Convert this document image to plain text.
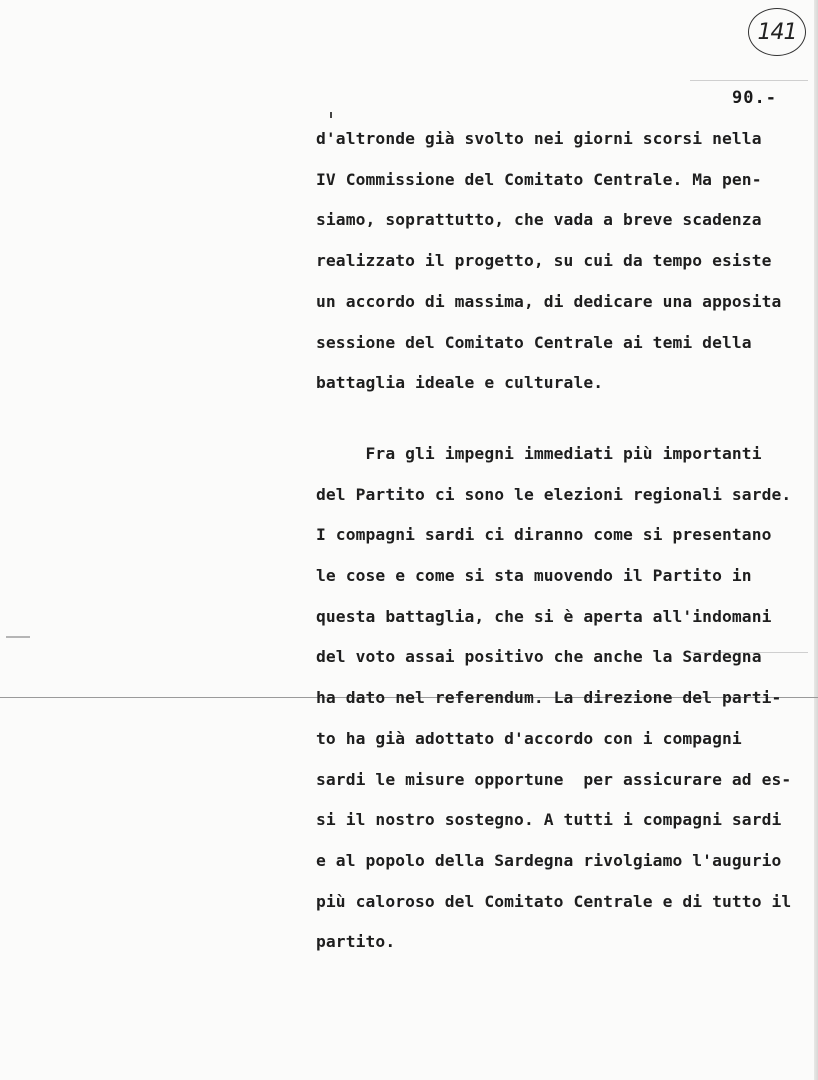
141
90.-
d'altronde già svolto nei giorni scorsi nella
IV Commissione del Comitato Centrale. Ma pen-
siamo, soprattutto, che vada a breve scadenza
realizzato il progetto, su cui da tempo esiste
un accordo di massima, di dedicare una apposita
sessione del Comitato Centrale ai temi della
battaglia ideale e culturale.
Fra gli impegni immediati più importanti
del Partito ci sono le elezioni regionali sarde.
I compagni sardi ci diranno come si presentano
le cose e come si sta muovendo il Partito in
questa battaglia, che si è aperta all'indomani
del voto assai positivo che anche la Sardegna
ha dato nel referendum. La direzione del parti-
to ha già adottato d'accordo con i compagni
sardi le misure opportune  per assicurare ad es-
si il nostro sostegno. A tutti i compagni sardi
e al popolo della Sardegna rivolgiamo l'augurio
più caloroso del Comitato Centrale e di tutto il
partito.
